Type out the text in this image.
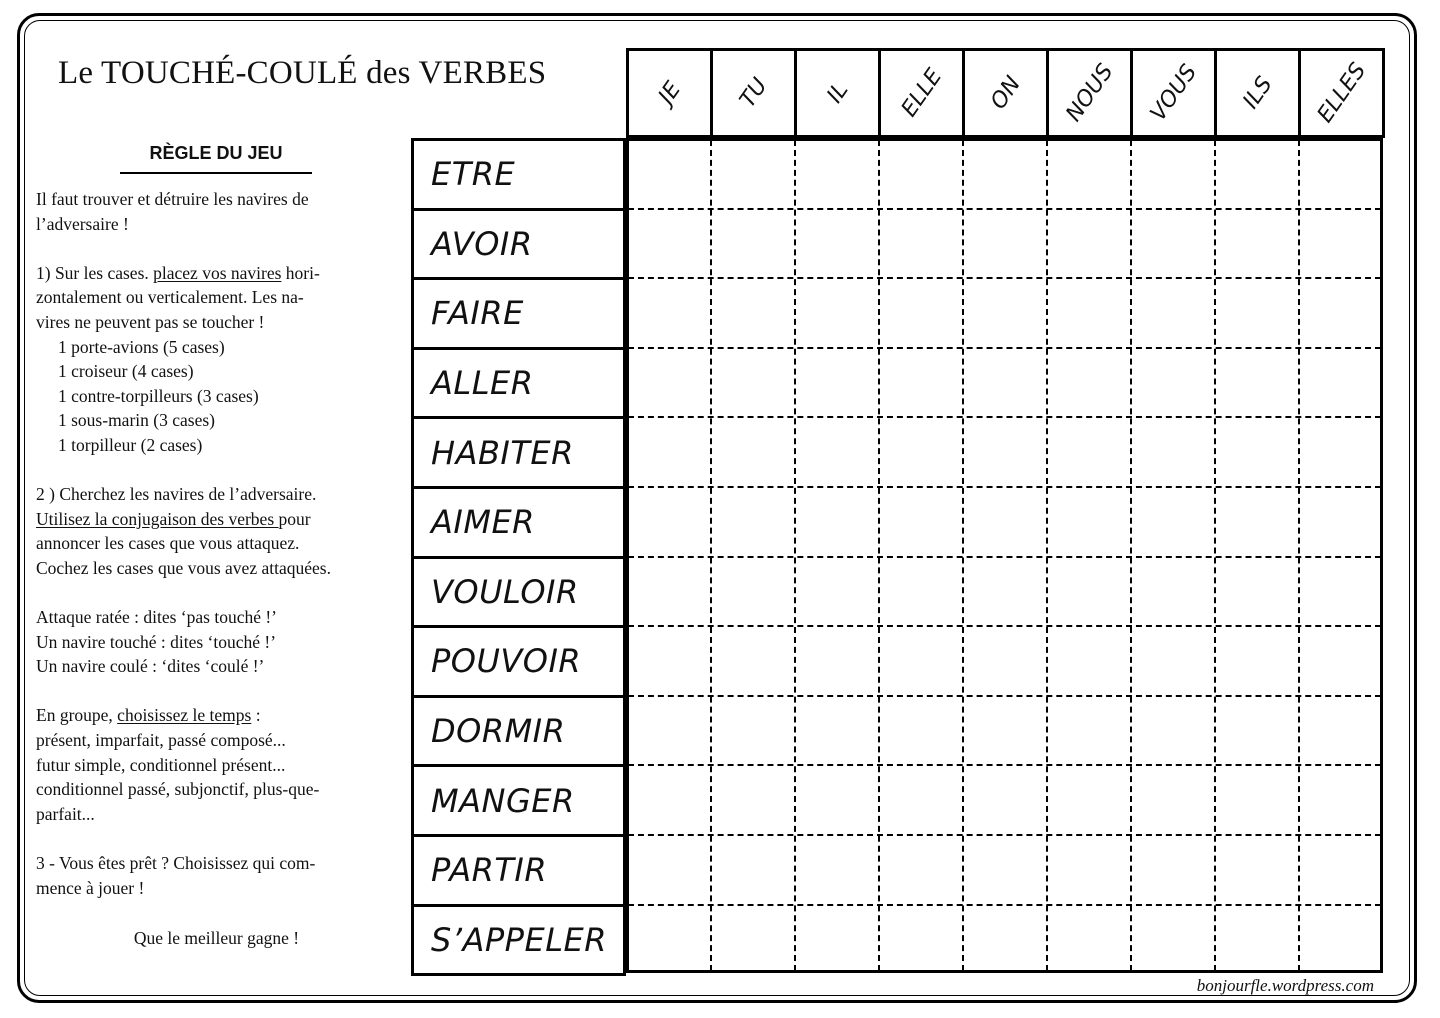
Le TOUCHÉ-COULÉ des VERBES
RÈGLE DU JEU
Il faut trouver et détruire les navires de
l’adversaire !
1) Sur les cases. placez vos navires hori-
zontalement ou verticalement. Les na-
vires ne peuvent pas se toucher !
1 porte-avions (5 cases)
1 croiseur (4 cases)
1 contre-torpilleurs (3 cases)
1 sous-marin (3 cases)
1 torpilleur (2 cases)
2 ) Cherchez les navires de l’adversaire.
Utilisez la conjugaison des verbes pour
annoncer les cases que vous attaquez.
Cochez les cases que vous avez attaquées.
Attaque ratée : dites ‘pas touché !’
Un navire touché : dites ‘touché !’
Un navire coulé : ‘dites ‘coulé !’
En groupe, choisissez le temps :
présent, imparfait, passé composé...
futur simple, conditionnel présent...
conditionnel passé, subjonctif, plus-que-
parfait...
3 - Vous êtes prêt ? Choisissez qui com-
mence à jouer !
Que le meilleur gagne !
JE TU IL ELLE ON NOUS VOUS ILS ELLES
ETRE
AVOIR
FAIRE
ALLER
HABITER
AIMER
VOULOIR
POUVOIR
DORMIR
MANGER
PARTIR
S’APPELER
bonjourfle.wordpress.com
